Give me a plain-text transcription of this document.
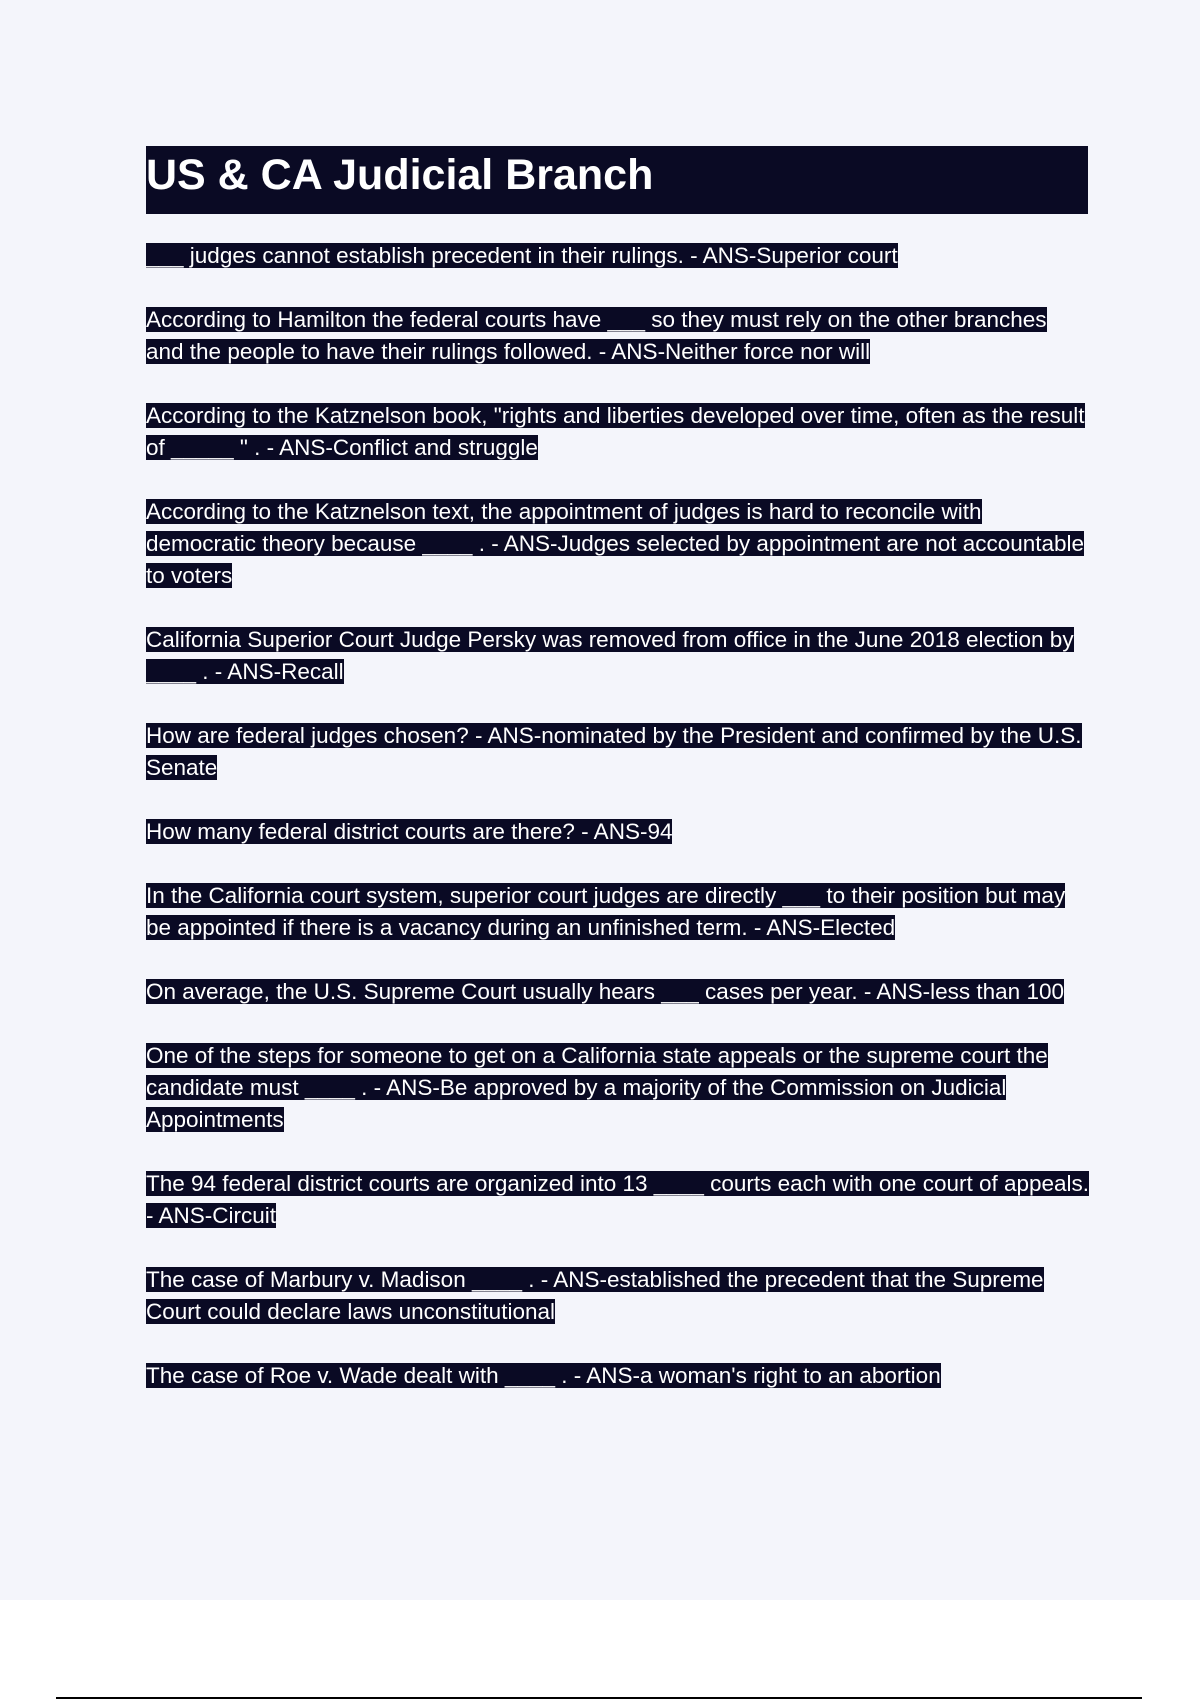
US & CA Judicial Branch

___ judges cannot establish precedent in their rulings. - ANS-Superior court

According to Hamilton the federal courts have ___ so they must rely on the other branches and the people to have their rulings followed. - ANS-Neither force nor will

According to the Katznelson book, "rights and liberties developed over time, often as the result of _____ " . - ANS-Conflict and struggle

According to the Katznelson text, the appointment of judges is hard to reconcile with democratic theory because ____ . - ANS-Judges selected by appointment are not accountable to voters

California Superior Court Judge Persky was removed from office in the June 2018 election by ____ . - ANS-Recall

How are federal judges chosen? - ANS-nominated by the President and confirmed by the U.S. Senate

How many federal district courts are there? - ANS-94

In the California court system, superior court judges are directly ___ to their position but may be appointed if there is a vacancy during an unfinished term. - ANS-Elected

On average, the U.S. Supreme Court usually hears ___ cases per year. - ANS-less than 100

One of the steps for someone to get on a California state appeals or the supreme court the candidate must ____ . - ANS-Be approved by a majority of the Commission on Judicial Appointments

The 94 federal district courts are organized into 13 ____ courts each with one court of appeals. - ANS-Circuit

The case of Marbury v. Madison ____ . - ANS-established the precedent that the Supreme Court could declare laws unconstitutional

The case of Roe v. Wade dealt with ____ . - ANS-a woman's right to an abortion
